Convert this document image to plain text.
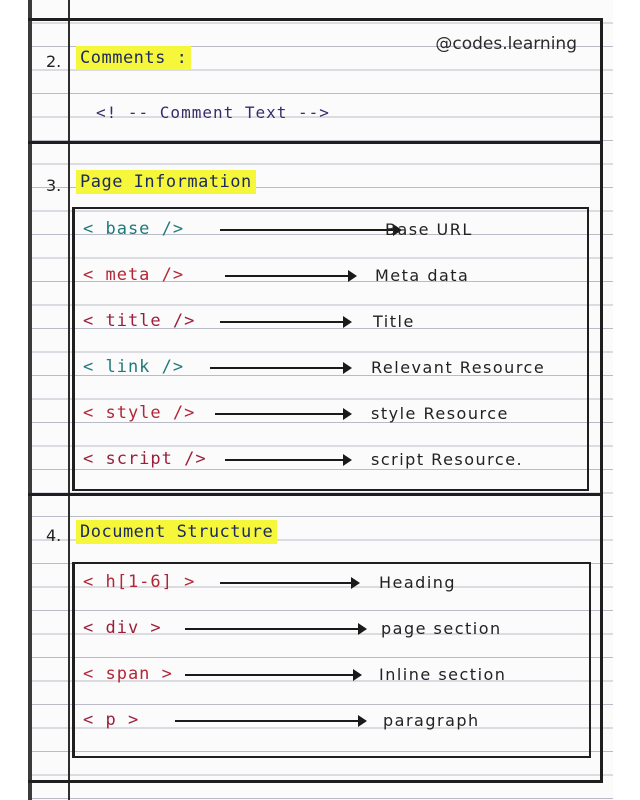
@codes.learning
2. Comments :
<! -- Comment Text -->
3. Page Information
< base />	Base URL
< meta />	Meta data
< title />	Title
< link />	Relevant Resource
< style />	style Resource
< script />	script Resource.
4. Document Structure
< h[1-6] >	Heading
< div >	page section
< span >	Inline section
< p >	paragraph
